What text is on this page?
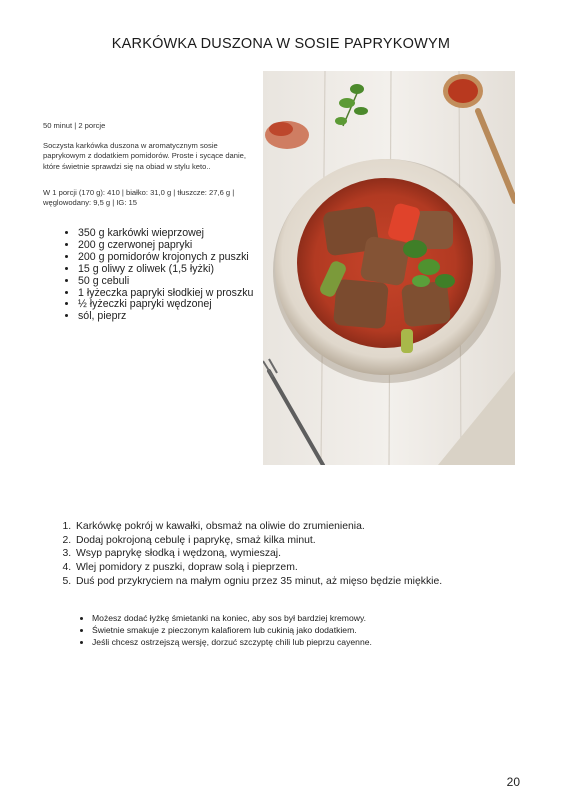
KARKÓWKA DUSZONA W SOSIE PAPRYKOWYM
50 minut | 2 porcje
Soczysta karkówka duszona w aromatycznym sosie paprykowym z dodatkiem pomidorów. Proste i sycące danie, które świetnie sprawdzi się na obiad w stylu keto..
W 1 porcji (170 g): 410 | białko: 31,0 g | tłuszcze: 27,6 g | węglowodany: 9,5 g | IG: 15
• 350 g karkówki wieprzowej
• 200 g czerwonej papryki
• 200 g pomidorów krojonych z puszki
• 15 g oliwy z oliwek (1,5 łyżki)
• 50 g cebuli
• 1 łyżeczka papryki słodkiej w proszku
• ½ łyżeczki papryki wędzonej
• sól, pieprz
1. Karkówkę pokrój w kawałki, obsmaż na oliwie do zrumienienia.
2. Dodaj pokrojoną cebulę i paprykę, smaż kilka minut.
3. Wsyp paprykę słodką i wędzoną, wymieszaj.
4. Wlej pomidory z puszki, dopraw solą i pieprzem.
5. Duś pod przykryciem na małym ogniu przez 35 minut, aż mięso będzie miękkie.
• Możesz dodać łyżkę śmietanki na koniec, aby sos był bardziej kremowy.
• Świetnie smakuje z pieczonym kalafiorem lub cukinią jako dodatkiem.
• Jeśli chcesz ostrzejszą wersję, dorzuć szczyptę chili lub pieprzu cayenne.
20
